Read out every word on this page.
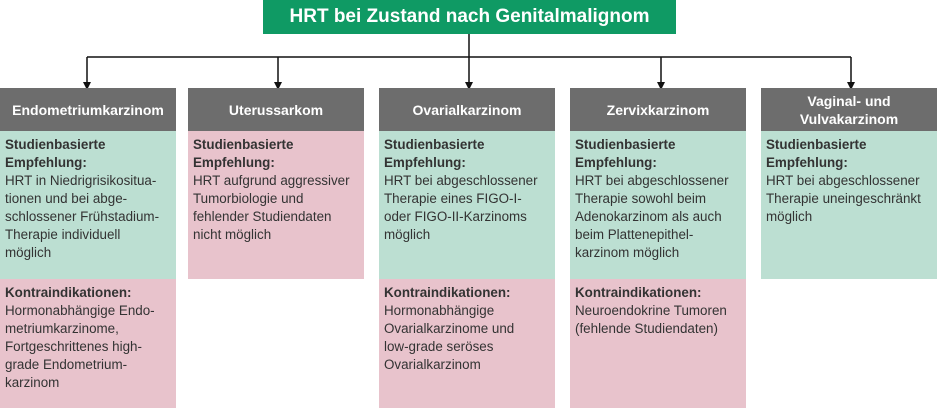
HRT bei Zustand nach Genitalmalignom
Endometriumkarzinom
Studienbasierte Empfehlung:
HRT in Niedrigrisikositua-
tionen und bei abge-
schlossener Frühstadium-
Therapie individuell
möglich
Kontraindikationen:
Hormonabhängige Endo-
metriumkarzinome,
Fortgeschrittenes high-
grade Endometrium-
karzinom
Uterussarkom
Studienbasierte Empfehlung:
HRT aufgrund aggressiver
Tumorbiologie und
fehlender Studiendaten
nicht möglich
Ovarialkarzinom
Studienbasierte Empfehlung:
HRT bei abgeschlossener
Therapie eines FIGO-I-
oder FIGO-II-Karzinoms
möglich
Kontraindikationen:
Hormonabhängige
Ovarialkarzinome und
low-grade seröses
Ovarialkarzinom
Zervixkarzinom
Studienbasierte Empfehlung:
HRT bei abgeschlossener
Therapie sowohl beim
Adenokarzinom als auch
beim Plattenepithel-
karzinom möglich
Kontraindikationen:
Neuroendokrine Tumoren
(fehlende Studiendaten)
Vaginal- und
Vulvakarzinom
Studienbasierte Empfehlung:
HRT bei abgeschlossener
Therapie uneingeschränkt
möglich
